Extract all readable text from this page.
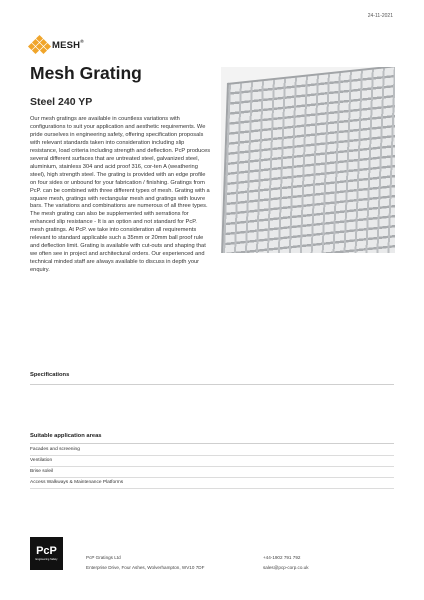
24-11-2021
MESH®
Mesh Grating
Steel 240 YP

Our mesh gratings are available in countless variations with configurations to suit your application and aesthetic requirements. We pride ourselves in engineering safety, offering specification proposals with relevant standards taken into consideration including slip resistance, load criteria including strength and deflection. PcP produces several different surfaces that are untreated steel, galvanized steel, aluminium, stainless 304 and acid proof 316, cor-ten A (weathering steel), high strength steel. The grating is provided with an edge profile on four sides or unbound for your fabrication / finishing. Gratings from PcP. can be combined with three different types of mesh. Grating with a square mesh, gratings with rectangular mesh and gratings with louvre bars. The variations and combinations are numerous of all three types. The mesh grating can also be supplemented with serrations for enhanced slip resistance - It is an option and not standard for PcP. mesh gratings. At PcP. we take into consideration all requirements relevant to standard applicable such a 35mm or 20mm ball proof rule and deflection limit. Grating is available with cut-outs and shaping that we often see in project and architectural orders. Our experienced and technical minded staff are always available to discuss in depth your enquiry.

Specifications
Suitable application areas
Facades and screening
Ventilation
Brise soleil
Access Walkways & Maintenance Platforms
PcP
Engineering Safety	PcP Gratings Ltd
Enterprise Drive, Four Ashes, Wolverhampton, WV10 7DF
+44-1902 791 792
sales@pcp-corp.co.uk
